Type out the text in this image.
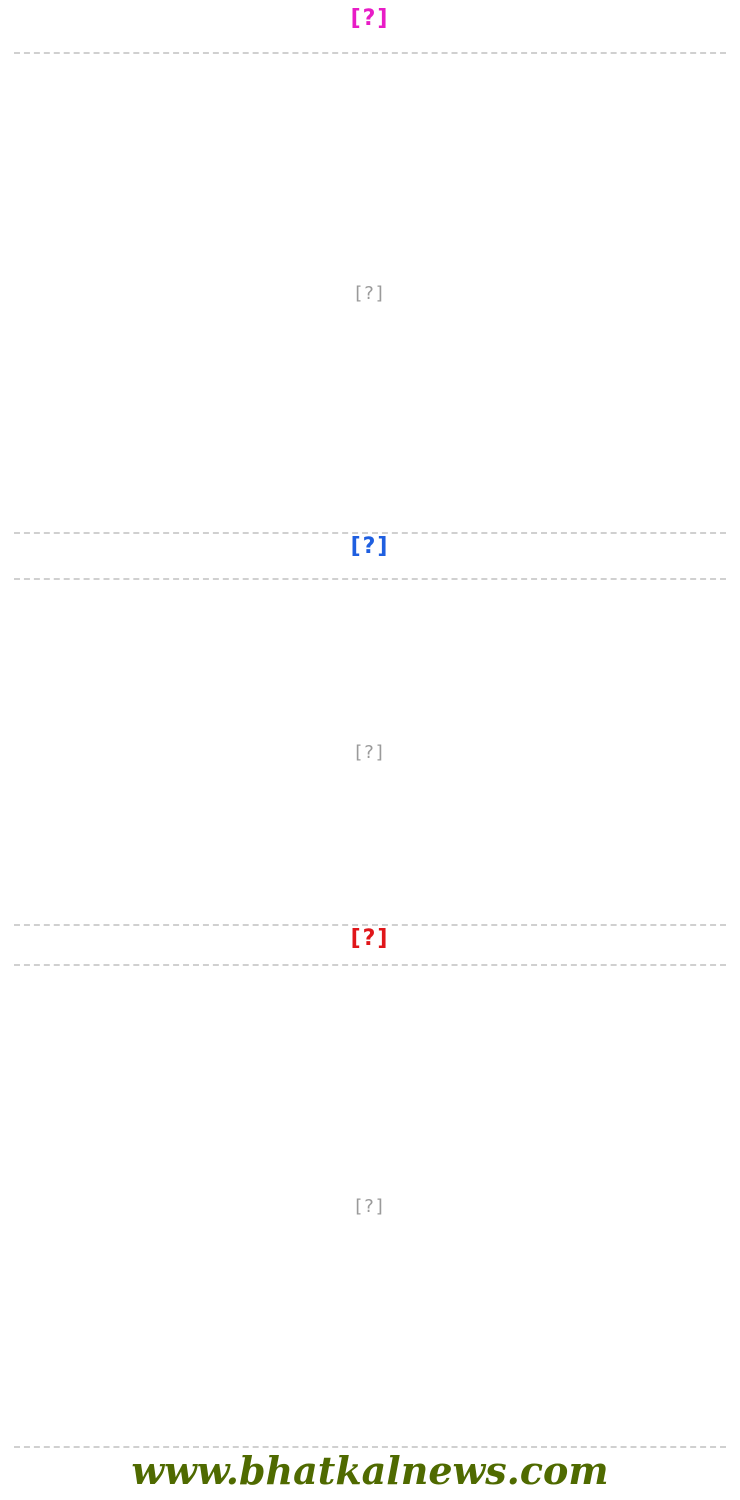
[?]
[?]
[?]
[?]
[?]
[?]
www.bhatkalnews.com
